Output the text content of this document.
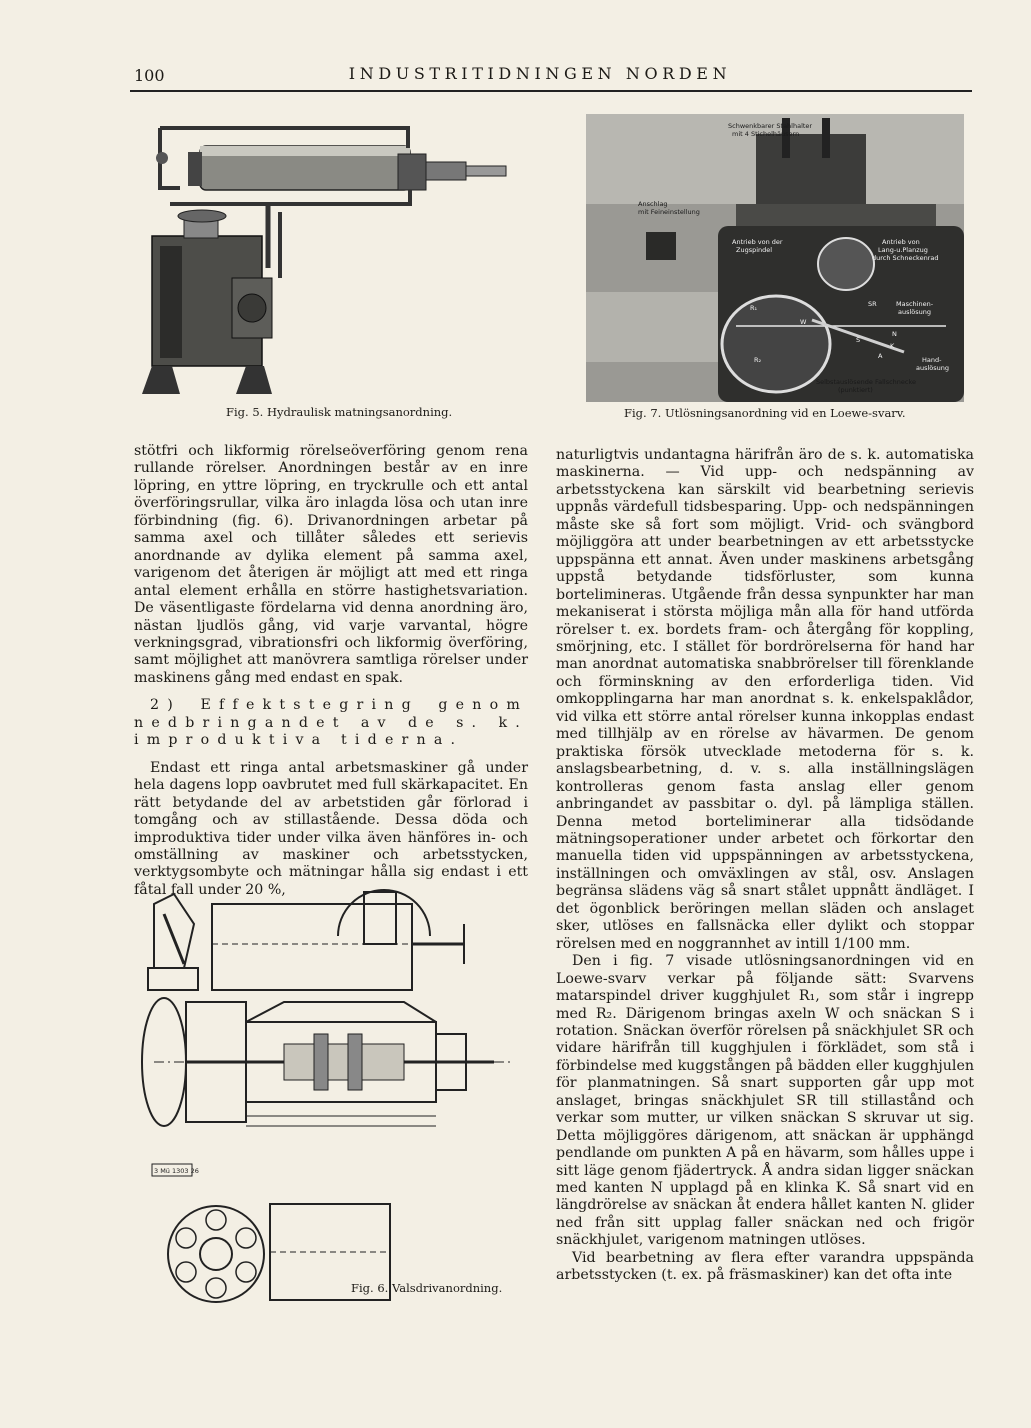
100	INDUSTRITIDNINGEN NORDEN
Fig. 5. Hydraulisk matningsanordning.
Schwenkbarer Stahlhalter
mit 4 Stichelhäusern
Anschlag
mit Feineinstellung
Antrieb von der
Zugspindel
Antrieb von
Lang-u.Planzug
durch Schneckenrad
Maschinen-
auslösung
Hand-
auslösung
Selbstauslösende Fallschnecke
(punktiert)
R₁
R₂
SR
W
S
N
K
A
Fig. 7. Utlösningsanordning vid en Loewe-svarv.

stötfri och likformig rörelseöverföring genom rena rullande rörelser. Anordningen består av en inre löpring, en yttre löpring, en tryckrulle och ett antal överföringsrullar, vilka äro inlagda lösa och utan inre förbindning (fig. 6). Drivanordningen arbetar på samma axel och tillåter således ett serievis anordnande av dylika element på samma axel, varigenom det återigen är möjligt att med ett ringa antal element erhålla en större hastighetsvariation. De väsentligaste fördelarna vid denna anordning äro, nästan ljudlös gång, vid varje varvantal, högre verkningsgrad, vibrationsfri och likformig överföring, samt möjlighet att manövrera samtliga rörelser under maskinens gång med endast en spak.

2) Effektstegring genom nedbringandet av de s. k. improduktiva tiderna.

Endast ett ringa antal arbetsmaskiner gå under hela dagens lopp oavbrutet med full skärkapacitet. En rätt betydande del av arbetstiden går förlorad i tomgång och av stillastående. Dessa döda och improduktiva tider under vilka även hänföres in- och omställning av maskiner och arbetsstycken, verktygsombyte och mätningar hålla sig endast i ett fåtal fall under 20 %,

3 Mü 1303 26
Fig. 6. Valsdrivanordning.

naturligtvis undantagna härifrån äro de s. k. automatiska maskinerna. — Vid upp- och nedspänning av arbetsstyckena kan särskilt vid bearbetning serievis uppnås värdefull tidsbesparing. Upp- och nedspänningen måste ske så fort som möjligt. Vrid- och svängbord möjliggöra att under bearbetningen av ett arbetsstycke uppspänna ett annat. Även under maskinens arbetsgång uppstå betydande tidsförluster, som kunna bortelimineras. Utgående från dessa synpunkter har man mekaniserat i största möjliga mån alla för hand utförda rörelser t. ex. bordets fram- och återgång för koppling, smörjning, etc. I stället för bordrörelserna för hand har man anordnat automatiska snabbrörelser till förenklande och förminskning av den erforderliga tiden. Vid omkopplingarna har man anordnat s. k. enkelspaklådor, vid vilka ett större antal rörelser kunna inkopplas endast med tillhjälp av en rörelse av hävarmen. De genom praktiska försök utvecklade metoderna för s. k. anslagsbearbetning, d. v. s. alla inställningslägen kontrolleras genom fasta anslag eller genom anbringandet av passbitar o. dyl. på lämpliga ställen. Denna metod borteliminerar alla tidsödande mätningsoperationer under arbetet och förkortar den manuella tiden vid uppspänningen av arbetsstyckena, inställningen och omväxlingen av stål, osv. Anslagen begränsa slädens väg så snart stålet uppnått ändläget. I det ögonblick beröringen mellan släden och anslaget sker, utlöses en fallsnäcka eller dylikt och stoppar rörelsen med en noggrannhet av intill 1/100 mm.

Den i fig. 7 visade utlösningsanordningen vid en Loewe-svarv verkar på följande sätt: Svarvens matarspindel driver kugghjulet R₁, som står i ingrepp med R₂. Därigenom bringas axeln W och snäckan S i rotation. Snäckan överför rörelsen på snäckhjulet SR och vidare härifrån till kugghjulen i förklädet, som stå i förbindelse med kuggstången på bädden eller kugghjulen för planmatningen. Så snart supporten går upp mot anslaget, bringas snäckhjulet SR till stillastånd och verkar som mutter, ur vilken snäckan S skruvar ut sig. Detta möjliggöres därigenom, att snäckan är upphängd pendlande om punkten A på en hävarm, som hålles uppe i sitt läge genom fjädertryck. Å andra sidan ligger snäckan med kanten N upplagd på en klinka K. Så snart vid en längdrörelse av snäckan åt endera hållet kanten N. glider ned från sitt upplag faller snäckan ned och frigör snäckhjulet, varigenom matningen utlöses.

Vid bearbetning av flera efter varandra uppspända arbetsstycken (t. ex. på fräsmaskiner) kan det ofta inte
